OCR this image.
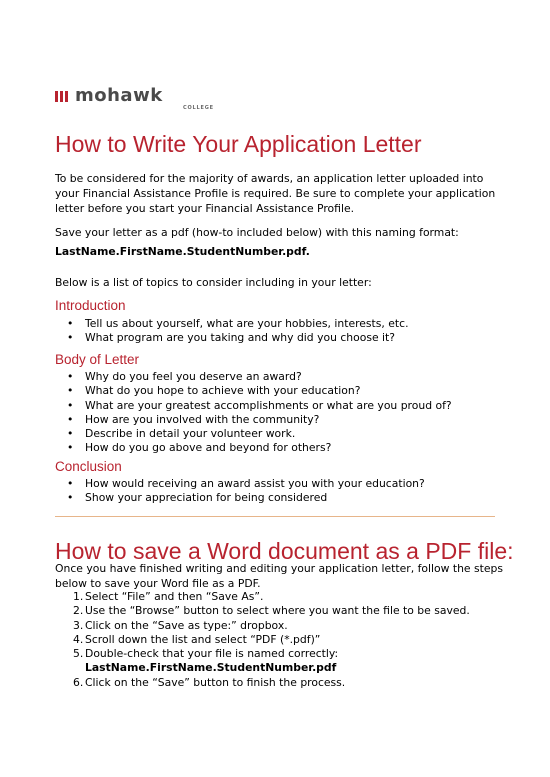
mohawk
COLLEGE
How to Write Your Application Letter

To be considered for the majority of awards, an application letter uploaded into your Financial Assistance Profile is required. Be sure to complete your application letter before you start your Financial Assistance Profile.

Save your letter as a pdf (how-to included below) with this naming format:

LastName.FirstName.StudentNumber.pdf.

Below is a list of topics to consider including in your letter:

Introduction
• Tell us about yourself, what are your hobbies, interests, etc.
• What program are you taking and why did you choose it?
Body of Letter
• Why do you feel you deserve an award?
• What do you hope to achieve with your education?
• What are your greatest accomplishments or what are you proud of?
• How are you involved with the community?
• Describe in detail your volunteer work.
• How do you go above and beyond for others?
Conclusion
• How would receiving an award assist you with your education?
• Show your appreciation for being considered
How to save a Word document as a PDF file:

Once you have finished writing and editing your application letter, follow the steps below to save your Word file as a PDF.

1. Select “File” and then “Save As”.
2. Use the “Browse” button to select where you want the file to be saved.
3. Click on the “Save as type:” dropbox.
4. Scroll down the list and select “PDF (*.pdf)”
5. Double-check that your file is named correctly:
LastName.FirstName.StudentNumber.pdf
6. Click on the “Save” button to finish the process.
